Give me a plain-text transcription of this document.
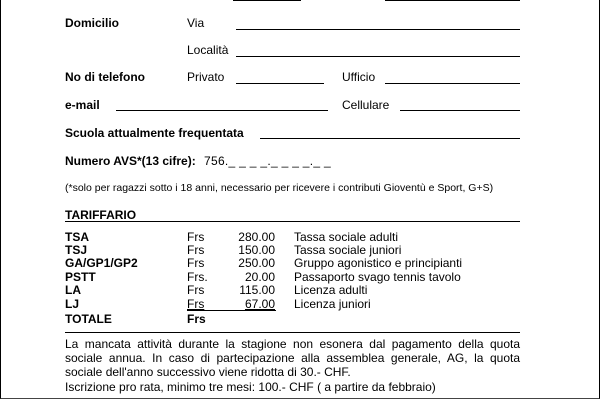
Domicilio	Via
Località
No di telefono	Privato	Ufficio
e-mail	Cellulare
Scuola attualmente frequentata
Numero AVS*(13 cifre): 756._ _ _ _._ _ _ _._ _
(*solo per ragazzi sotto i 18 anni, necessario per ricevere i contributi Gioventù e Sport, G+S)
TARIFFARIO
TSA	Frs	280.00 Tassa sociale adulti
TSJ	Frs	150.00 Tassa sociale juniori
GA/GP1/GP2	Frs	250.00 Gruppo agonistico e principianti
PSTT	Frs.	20.00 Passaporto svago tennis tavolo
LA	Frs	115.00 Licenza adulti
LJ	Frs	67.00 Licenza juniori
TOTALE	Frs
La mancata attività durante la stagione non esonera dal pagamento della quota sociale annua. In caso di partecipazione alla assemblea generale, AG, la quota sociale dell'anno successivo viene ridotta di 30.- CHF.
Iscrizione pro rata, minimo tre mesi: 100.- CHF ( a partire da febbraio)
